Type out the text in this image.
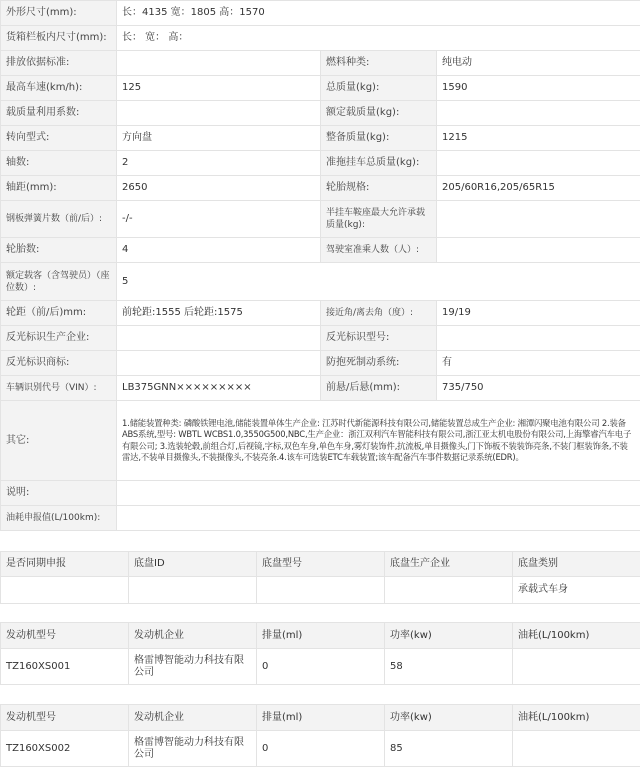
外形尺寸(mm):	长：4135 宽：1805 高：1570		
货箱栏板内尺寸(mm):	长： 宽： 高：		
排放依据标准:		燃料种类:	纯电动
最高车速(km/h):	125	总质量(kg):	1590
载质量利用系数:		额定载质量(kg):	
转向型式:	方向盘	整备质量(kg):	1215
轴数:	2	准拖挂车总质量(kg):	
轴距(mm):	2650	轮胎规格:	205/60R16,205/65R15
钢板弹簧片数（前/后）:	-/-	半挂车鞍座最大允许承载质量(kg):	
轮胎数:	4	驾驶室准乘人数（人）:	
额定载客（含驾驶员）（座位数）:	5		
轮距（前/后)mm:	前轮距:1555 后轮距:1575	接近角/离去角（度）:	19/19
反光标识生产企业:		反光标识型号:	
反光标识商标:		防抱死制动系统:	有
车辆识别代号（VIN）:	LB375GNN×××××××××	前悬/后悬(mm):	735/750
其它:	1.储能装置种类: 磷酸铁锂电池,储能装置单体生产企业: 江苏时代新能源科技有限公司,储能装置总成生产企业: 湘潭闪聚电池有限公司 2.装备ABS系统,型号: WBTL WCBS1.0,3550G500,NBC,生产企业：浙江双利汽车智能科技有限公司,浙江亚太机电股份有限公司,上海擎睿汽车电子有限公司; 3.选装轮毂,前组合灯,后视镜,字标,双色车身,单色车身,雾灯装饰件,抗流板,单目摄像头,门下饰板不装装饰亮条,不装门框装饰条,不装雷达,不装单目摄像头,不装摄像头,不装亮条.4.该车可选装ETC车载装置;该车配备汽车事件数据记录系统(EDR)。		
说明:			
油耗申报值(L/100km):			
是否同期申报	底盘ID	底盘型号	底盘生产企业	底盘类别
				承载式车身
发动机型号	发动机企业	排量(ml)	功率(kw)	油耗(L/100km)
TZ160XS001	格雷博智能动力科技有限公司	0	58	
发动机型号	发动机企业	排量(ml)	功率(kw)	油耗(L/100km)
TZ160XS002	格雷博智能动力科技有限公司	0	85	
